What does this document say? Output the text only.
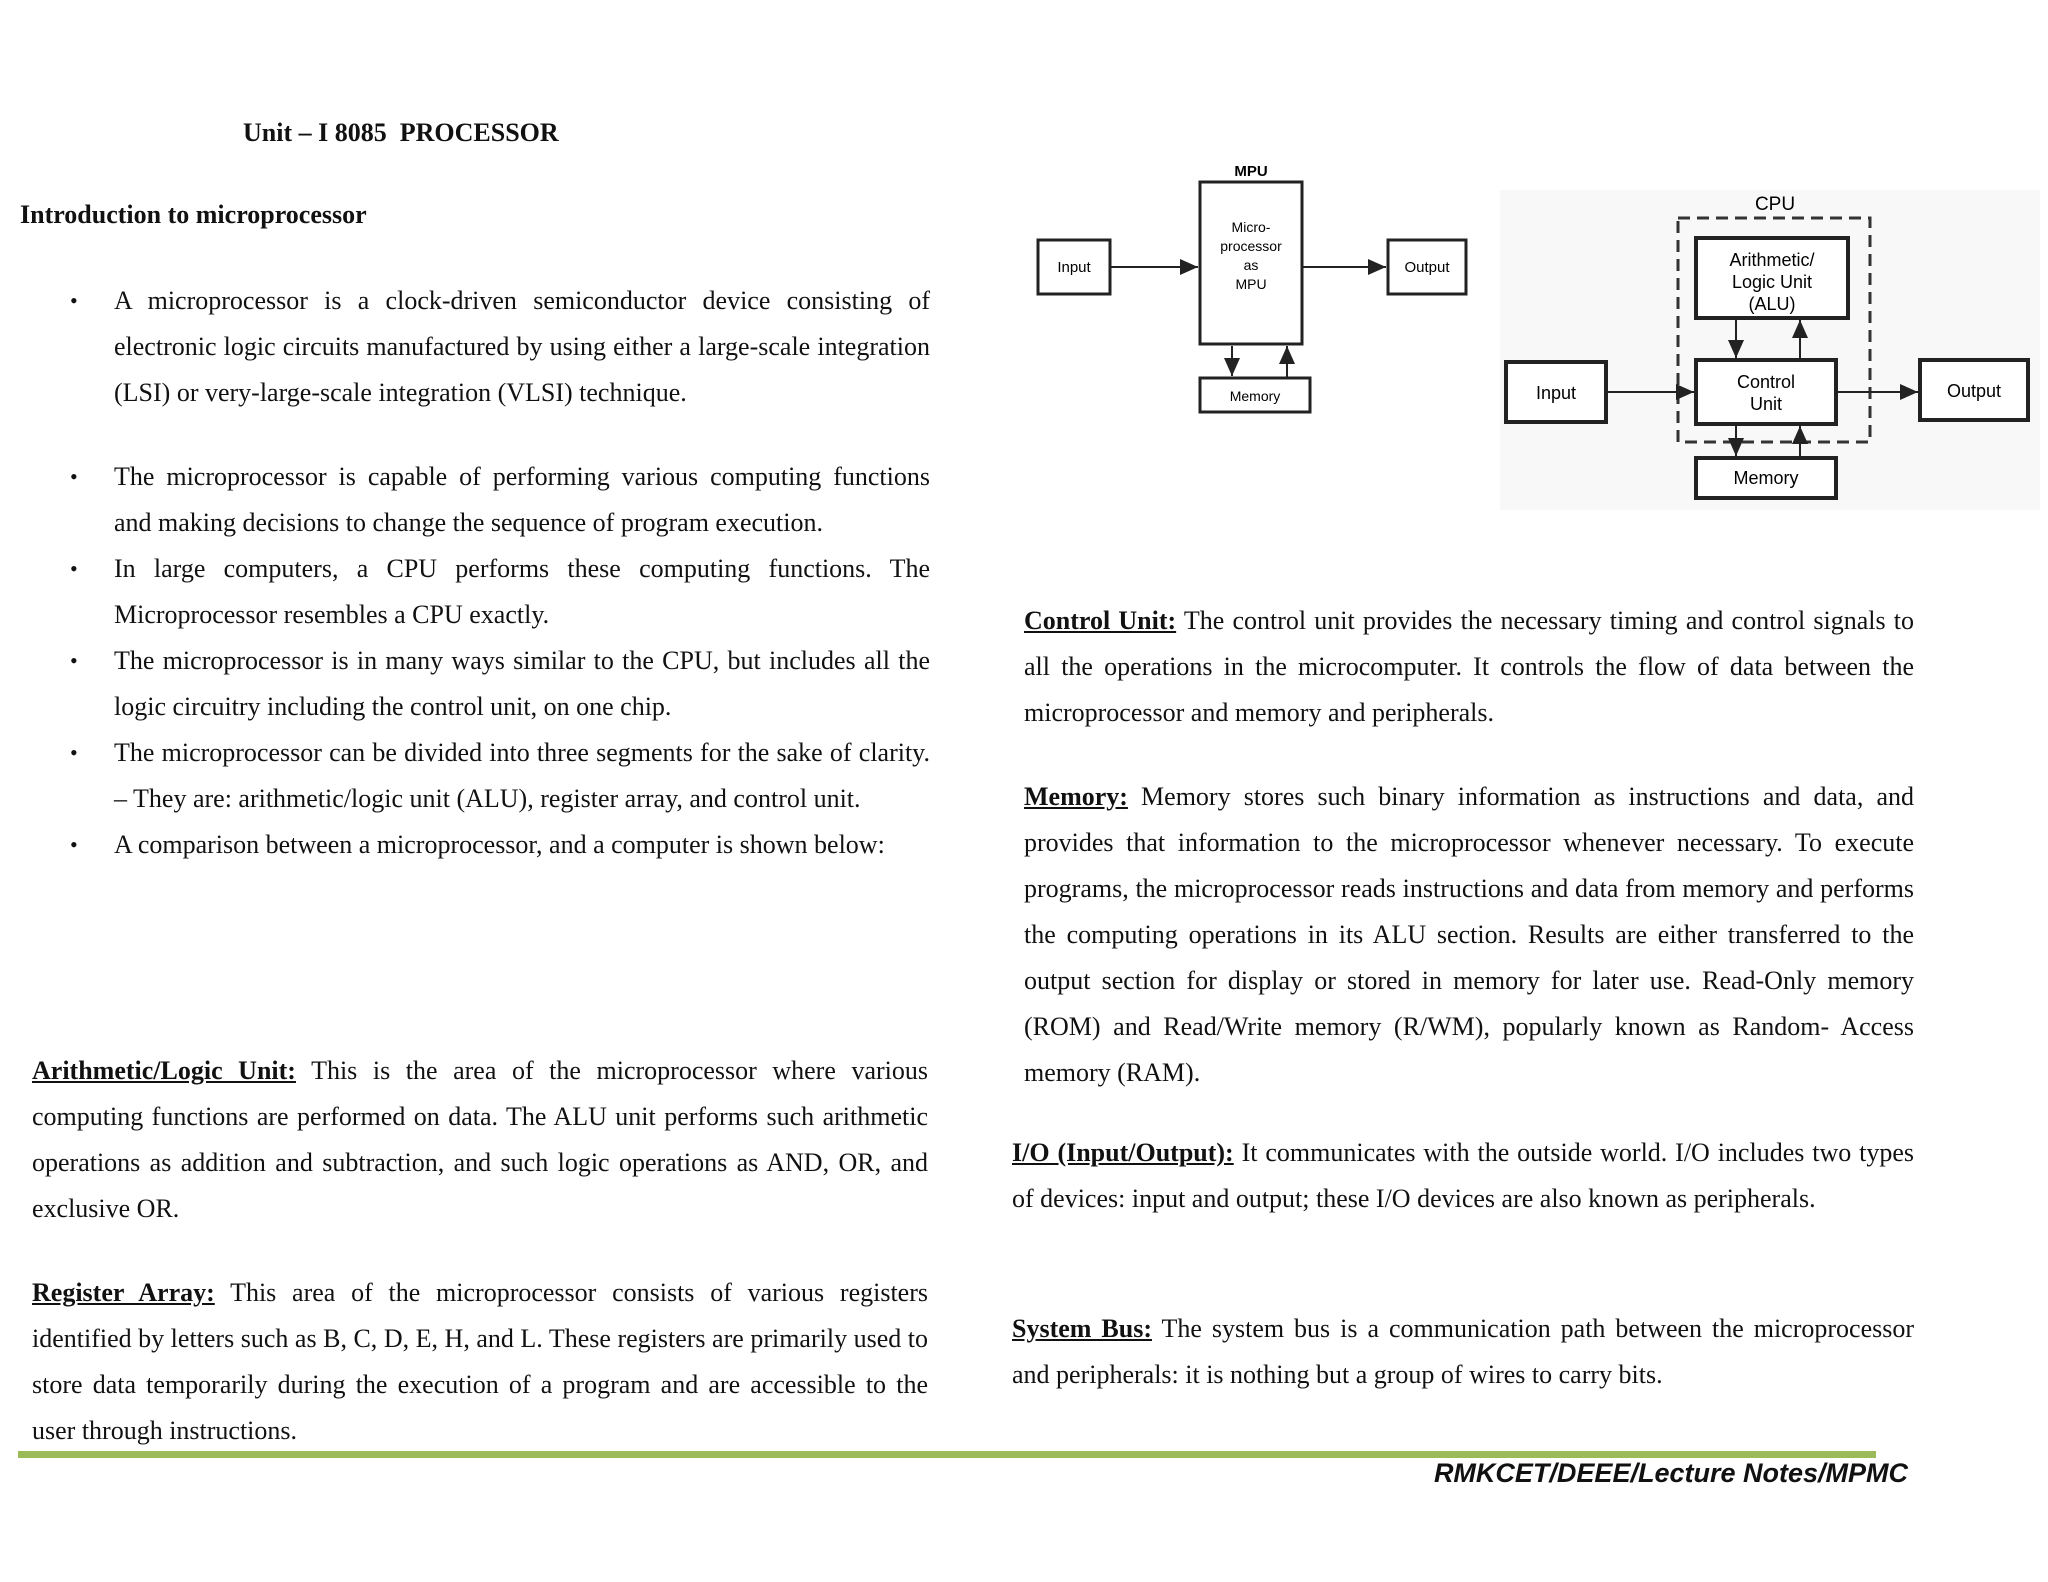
Unit – I 8085  PROCESSOR
Introduction to microprocessor
• A microprocessor is a clock-driven semiconductor device consisting of electronic logic circuits manufactured by using either a large-scale integration (LSI) or very-large-scale integration (VLSI) technique.
• The microprocessor is capable of performing various computing functions and making decisions to change the sequence of program execution.
• In large computers, a CPU performs these computing functions. The Microprocessor resembles a CPU exactly.
• The microprocessor is in many ways similar to the CPU, but includes all the logic circuitry including the control unit, on one chip.
• The microprocessor can be divided into three segments for the sake of clarity. – They are: arithmetic/logic unit (ALU), register array, and control unit.
• A comparison between a microprocessor, and a computer is shown below:
Arithmetic/Logic Unit: This is the area of the microprocessor where various computing functions are performed on data. The ALU unit performs such arithmetic operations as addition and subtraction, and such logic operations as AND, OR, and exclusive OR.
Register Array: This area of the microprocessor consists of various registers identified by letters such as B, C, D, E, H, and L. These registers are primarily used to store data temporarily during the execution of a program and are accessible to the user through instructions.
MPU
Micro-
processor
as
MPU
Input	Output
Memory
CPU
Arithmetic/
Logic Unit
(ALU)
Control
Unit
Input	Output
Memory
Control Unit: The control unit provides the necessary timing and control signals to all the operations in the microcomputer. It controls the flow of data between the microprocessor and memory and peripherals.
Memory: Memory stores such binary information as instructions and data, and provides that information to the microprocessor whenever necessary. To execute programs, the microprocessor reads instructions and data from memory and performs the computing operations in its ALU section. Results are either transferred to the output section for display or stored in memory for later use. Read-Only memory (ROM) and Read/Write memory (R/WM), popularly known as Random- Access memory (RAM).
I/O (Input/Output): It communicates with the outside world. I/O includes two types of devices: input and output; these I/O devices are also known as peripherals.
System Bus: The system bus is a communication path between the microprocessor and peripherals: it is nothing but a group of wires to carry bits.
RMKCET/DEEE/Lecture Notes/MPMC
